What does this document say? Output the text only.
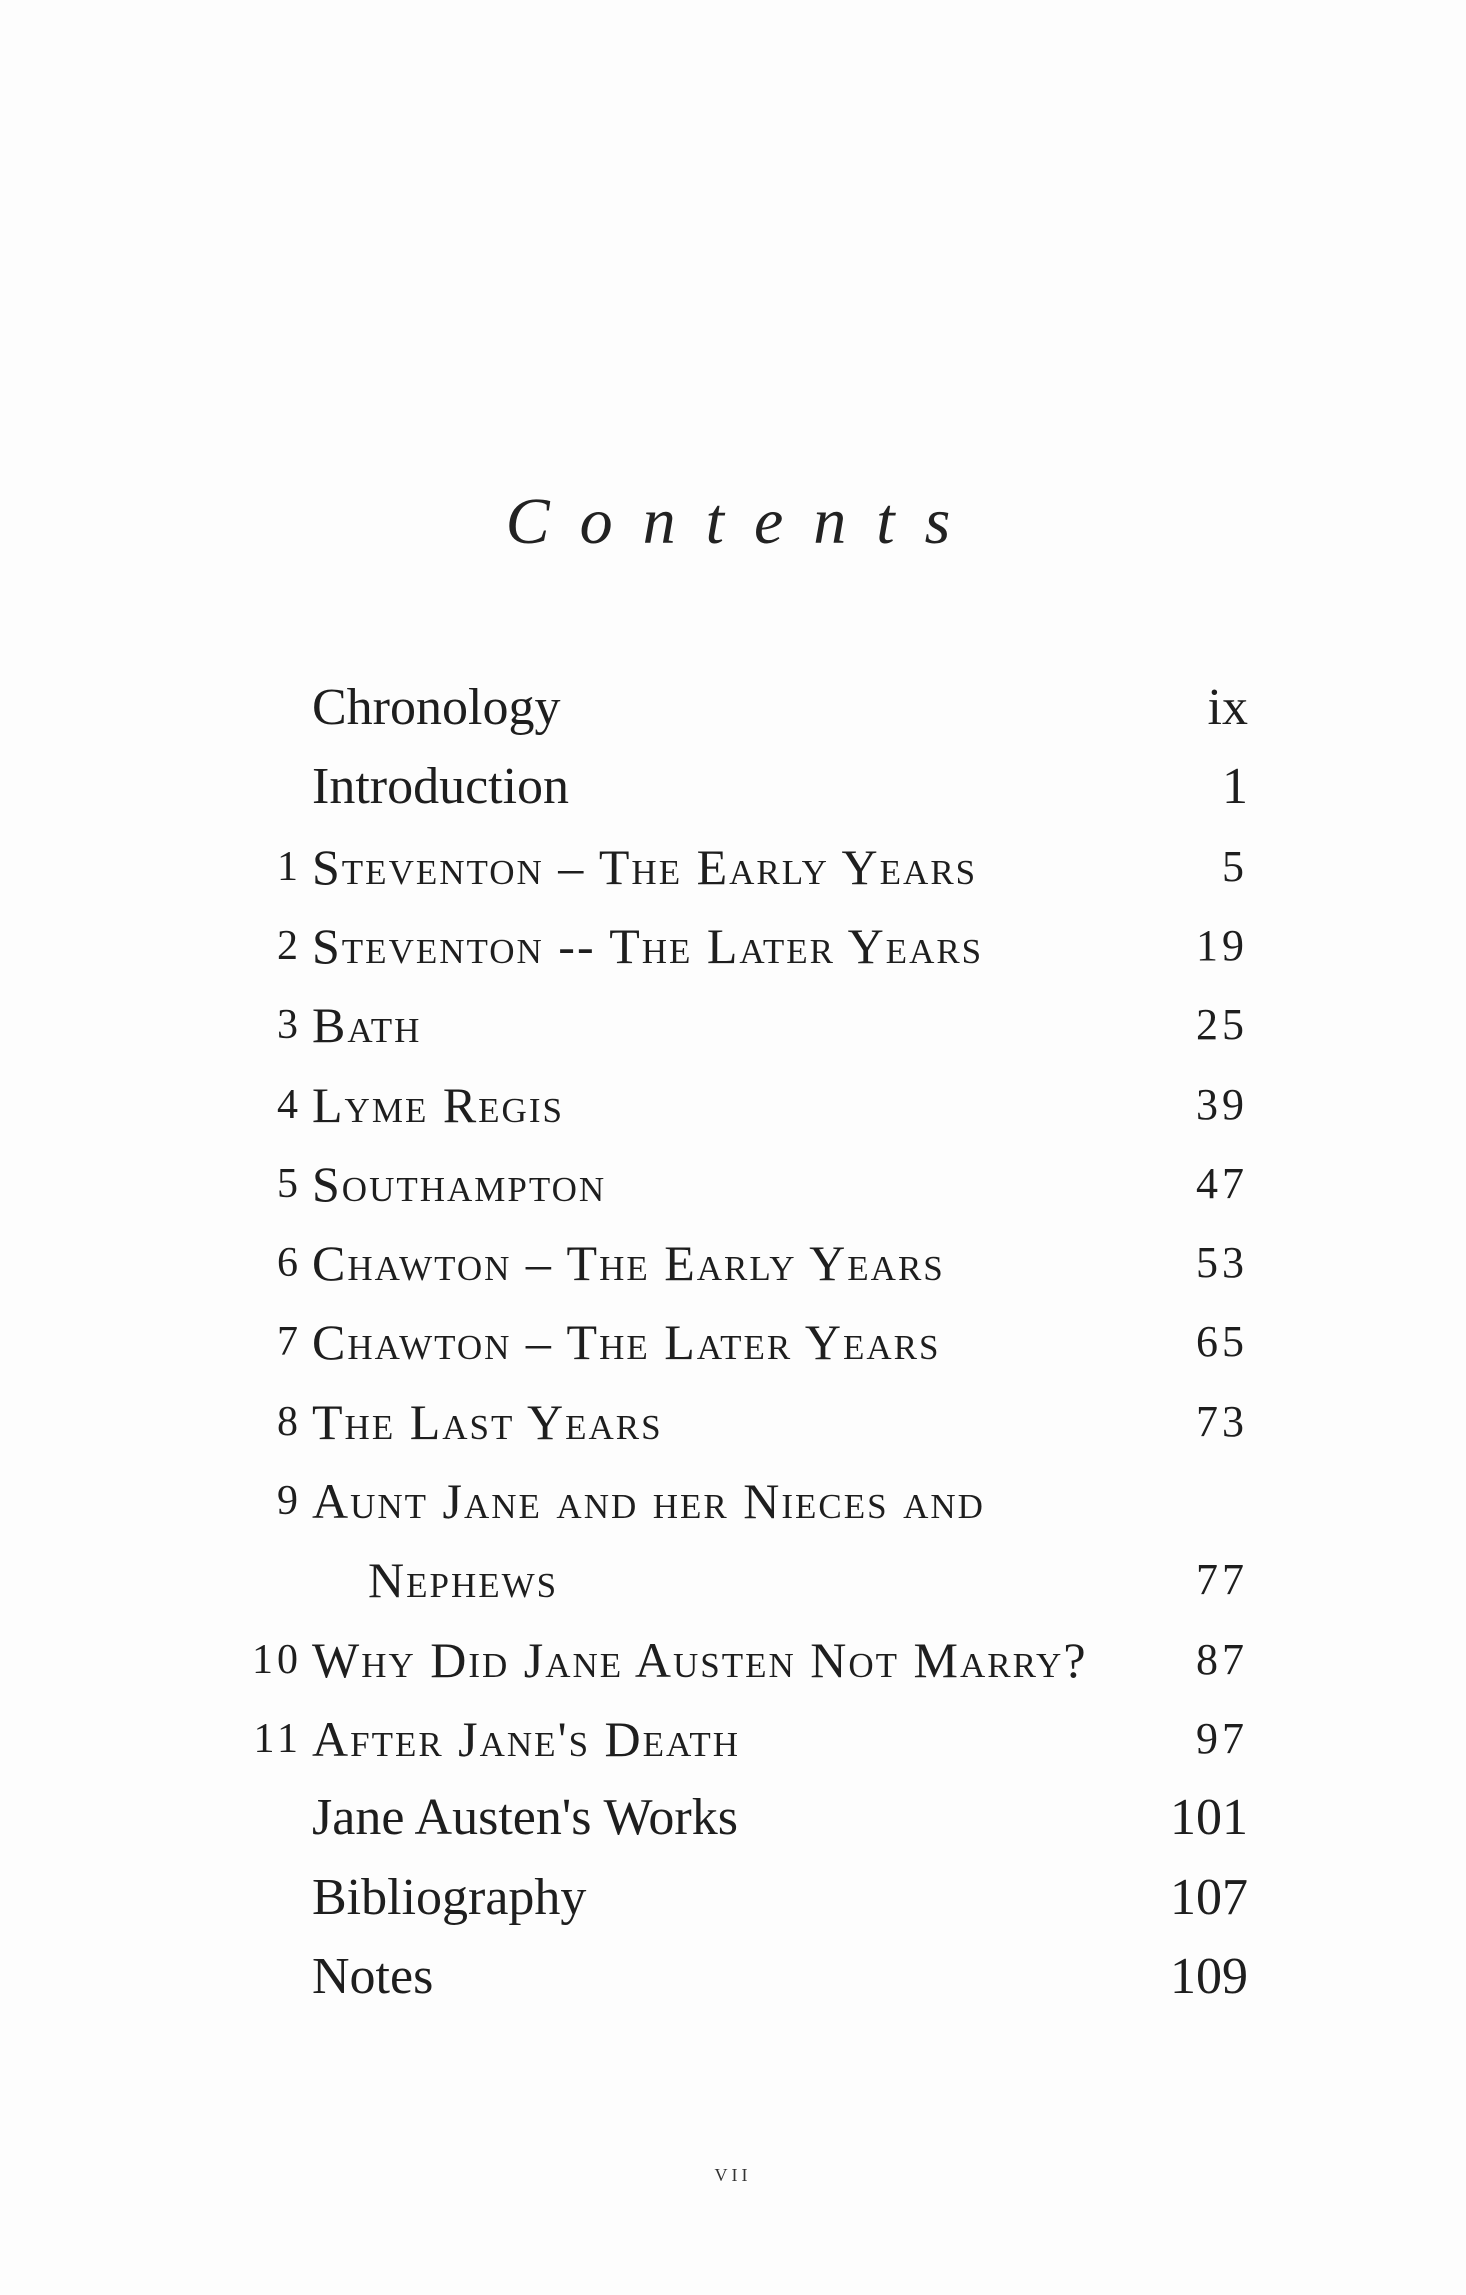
Contents
Chronology	ix
Introduction	1
1 Steventon – The Early Years	5
2 Steventon -- The Later Years	19
3 Bath	25
4 Lyme Regis	39
5 Southampton	47
6 Chawton – The Early Years	53
7 Chawton – The Later Years	65
8 The Last Years	73
9 Aunt Jane and her Nieces and
Nephews	77
10 Why Did Jane Austen Not Marry? 87
11 After Jane's Death	97
Jane Austen's Works	101
Bibliography	107
Notes	109
vii
